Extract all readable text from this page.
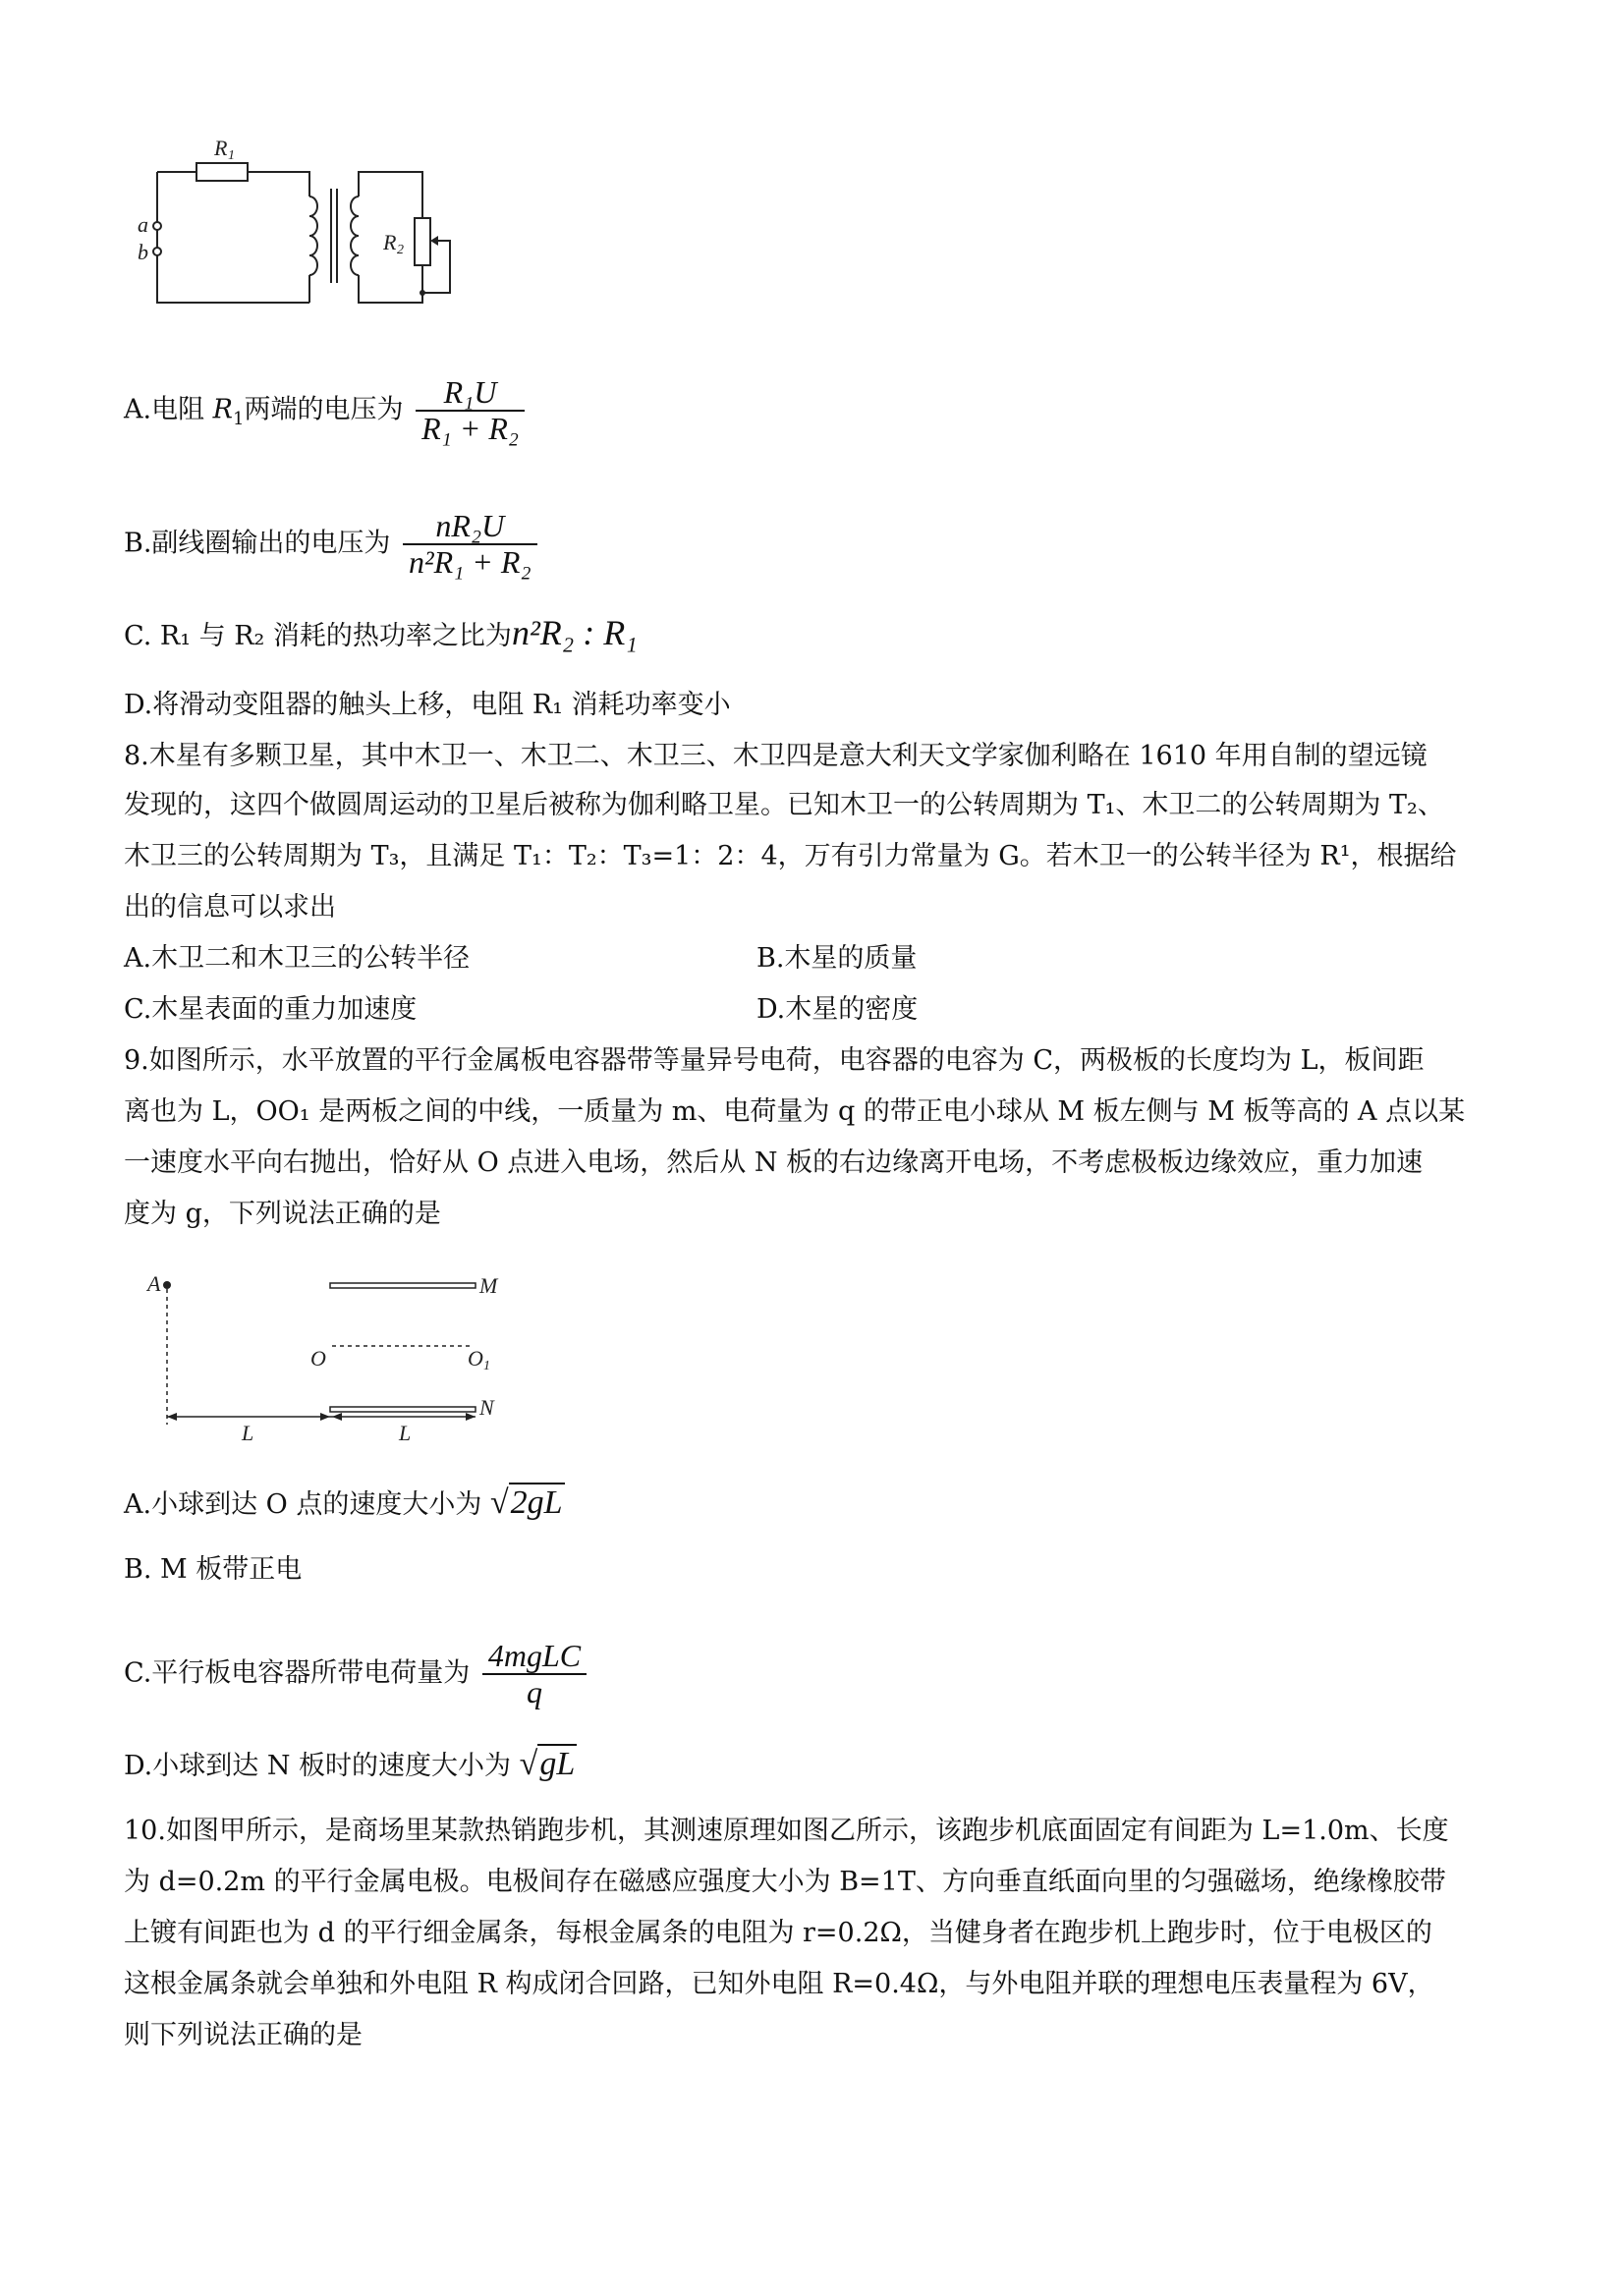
R 1
R 2
a
b
A.电阻 $R_1$两端的电压为 $\frac{\text{R₁U}}{\text{R₁ + R₂}}$
B.副线圈输出的电压为 $\frac{\text{nR₂U}}{\text{n²R₁ + R₂}}$
C. R₁ 与 R₂ 消耗的热功率之比为n²R₂ : R₁
D.将滑动变阻器的触头上移，电阻 R₁ 消耗功率变小
8.木星有多颗卫星，其中木卫一、木卫二、木卫三、木卫四是意大利天文学家伽利略在 1610 年用自制的望远镜
发现的，这四个做圆周运动的卫星后被称为伽利略卫星。已知木卫一的公转周期为 T₁、木卫二的公转周期为 T₂、
木卫三的公转周期为 T₃，且满足 T₁：T₂：T₃=1：2：4，万有引力常量为 G。若木卫一的公转半径为 R¹，根据给
出的信息可以求出
A.木卫二和木卫三的公转半径	B.木星的质量
C.木星表面的重力加速度	D.木星的密度
9.如图所示，水平放置的平行金属板电容器带等量异号电荷，电容器的电容为 C，两极板的长度均为 L，板间距
离也为 L，OO₁ 是两板之间的中线，一质量为 m、电荷量为 q 的带正电小球从 M 板左侧与 M 板等高的 A 点以某
一速度水平向右抛出，恰好从 O 点进入电场，然后从 N 板的右边缘离开电场，不考虑极板边缘效应，重力加速
度为 g，下列说法正确的是
A	M
O	O 1
N
L	L
A.小球到达 O 点的速度大小为 √2gL
B. M 板带正电
C.平行板电容器所带电荷量为 $\frac{\text{4mgLC}}{q}$
D.小球到达 N 板时的速度大小为 √gL
10.如图甲所示，是商场里某款热销跑步机，其测速原理如图乙所示，该跑步机底面固定有间距为 L=1.0m、长度
为 d=0.2m 的平行金属电极。电极间存在磁感应强度大小为 B=1T、方向垂直纸面向里的匀强磁场，绝缘橡胶带
上镀有间距也为 d 的平行细金属条，每根金属条的电阻为 r=0.2Ω，当健身者在跑步机上跑步时，位于电极区的
这根金属条就会单独和外电阻 R 构成闭合回路，已知外电阻 R=0.4Ω，与外电阻并联的理想电压表量程为 6V，
则下列说法正确的是
